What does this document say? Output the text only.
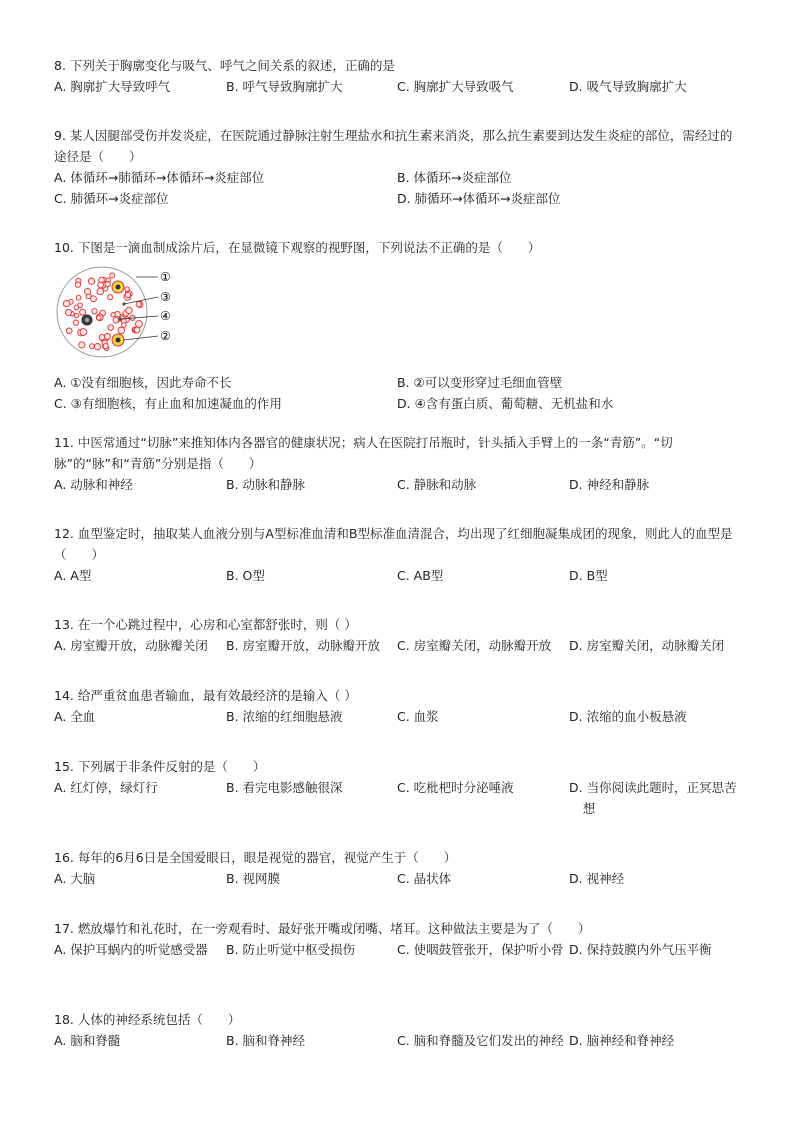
8. 下列关于胸廓变化与吸气、呼气之间关系的叙述，正确的是

A. 胸廓扩大导致呼气	B. 呼气导致胸廓扩大	C. 胸廓扩大导致吸气	D. 吸气导致胸廓扩大

9. 某人因腿部受伤并发炎症，在医院通过静脉注射生理盐水和抗生素来消炎，那么抗生素要到达发生炎症的部位，需经过的途径是（　　）

A. 体循环→肺循环→体循环→炎症部位	B. 体循环→炎症部位
C. 肺循环→炎症部位	D. 肺循环→体循环→炎症部位

10. 下图是一滴血制成涂片后，在显微镜下观察的视野图，下列说法不正确的是（　　）

①
③
④
②
A. ①没有细胞核，因此寿命不长	B. ②可以变形穿过毛细血管壁
C. ③有细胞核，有止血和加速凝血的作用	D. ④含有蛋白质、葡萄糖、无机盐和水

11. 中医常通过“切脉”来推知体内各器官的健康状况；病人在医院打吊瓶时，针头插入手臂上的一条“青筋”。“切脉”的“脉”和“青筋”分别是指（　　）

A. 动脉和神经	B. 动脉和静脉	C. 静脉和动脉	D. 神经和静脉

12. 血型鉴定时，抽取某人血液分别与A型标准血清和B型标准血清混合，均出现了红细胞凝集成团的现象，则此人的血型是（　　）

A. A型	B. O型	C. AB型	D. B型

13. 在一个心跳过程中，心房和心室都舒张时，则（ ）

A. 房室瓣开放，动脉瓣关闭 B. 房室瓣开放，动脉瓣开放 C. 房室瓣关闭，动脉瓣开放 D. 房室瓣关闭，动脉瓣关闭

14. 给严重贫血患者输血，最有效最经济的是输入（ ）

A. 全血	B. 浓缩的红细胞悬液	C. 血浆	D. 浓缩的血小板悬液

15. 下列属于非条件反射的是（　　）

A. 红灯停，绿灯行	B. 看完电影感触很深	C. 吃枇杷时分泌唾液	D. 当你阅读此题时，正冥思苦想

16. 每年的6月6日是全国爱眼日，眼是视觉的器官，视觉产生于（　　）

A. 大脑	B. 视网膜	C. 晶状体	D. 视神经

17. 燃放爆竹和礼花时，在一旁观看时、最好张开嘴或闭嘴、堵耳。这种做法主要是为了（　　）

A. 保护耳蜗内的听觉感受器 B. 防止听觉中枢受损伤	C. 使咽鼓管张开，保护听小骨 D. 保持鼓膜内外气压平衡

18. 人体的神经系统包括（　　）

A. 脑和脊髓	B. 脑和脊神经	C. 脑和脊髓及它们发出的神经 D. 脑神经和脊神经
